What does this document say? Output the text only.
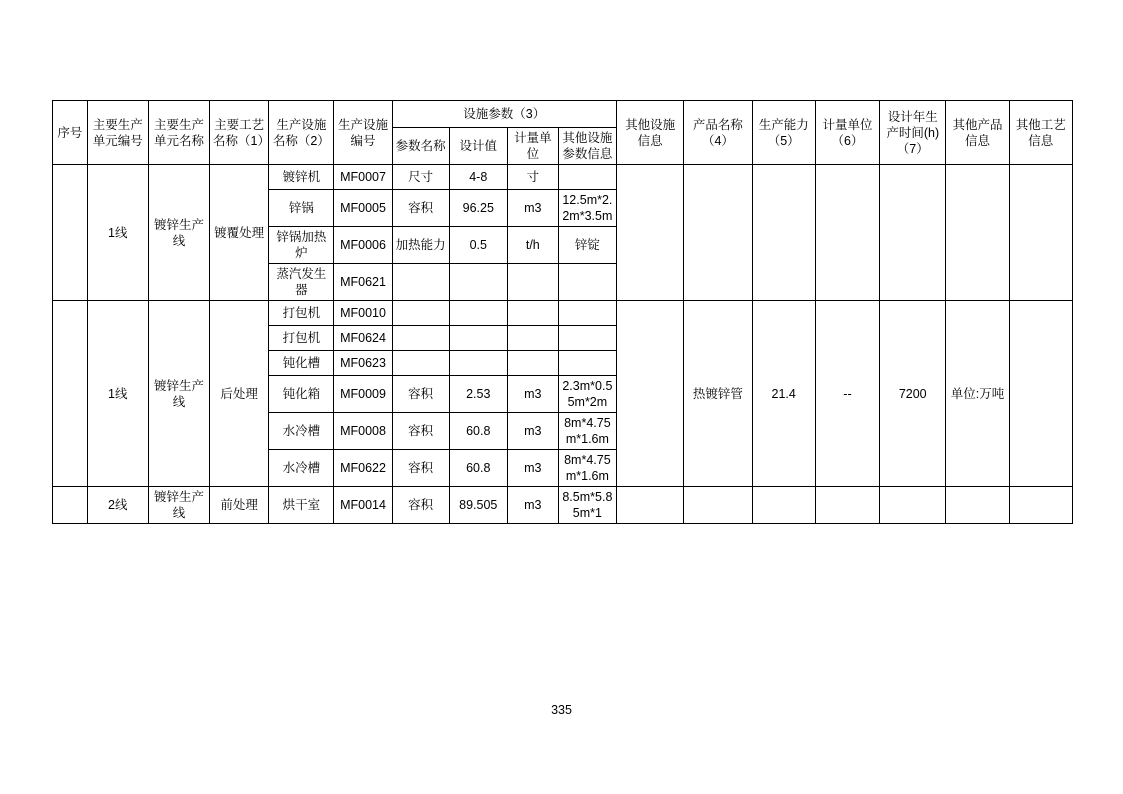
序号	主要生产单元编号	主要生产单元名称	主要工艺名称（1）	生产设施名称（2）	生产设施编号	设施参数（3）				其他设施信息	产品名称（4）	生产能力（5）	计量单位（6）	设计年生产时间(h)（7）	其他产品信息	其他工艺信息
						参数名称	设计值	计量单位	其他设施参数信息							
	1线	镀锌生产线	镀覆处理	镀锌机	MF0007	尺寸	4-8	寸								
				锌锅	MF0005	容积	96.25	m3	12.5m*2.2m*3.5m							
				锌锅加热炉	MF0006	加热能力	0.5	t/h	锌锭							
				蒸汽发生器	MF0621											
	1线	镀锌生产线	后处理	打包机	MF0010						热镀锌管	21.4	--	7200	单位:万吨	
				打包机	MF0624											
				钝化槽	MF0623											
				钝化箱	MF0009	容积	2.53	m3	2.3m*0.55m*2m							
				水冷槽	MF0008	容积	60.8	m3	8m*4.75m*1.6m							
				水冷槽	MF0622	容积	60.8	m3	8m*4.75m*1.6m							
	2线	镀锌生产线	前处理	烘干室	MF0014	容积	89.505	m3	8.5m*5.85m*1							
335
